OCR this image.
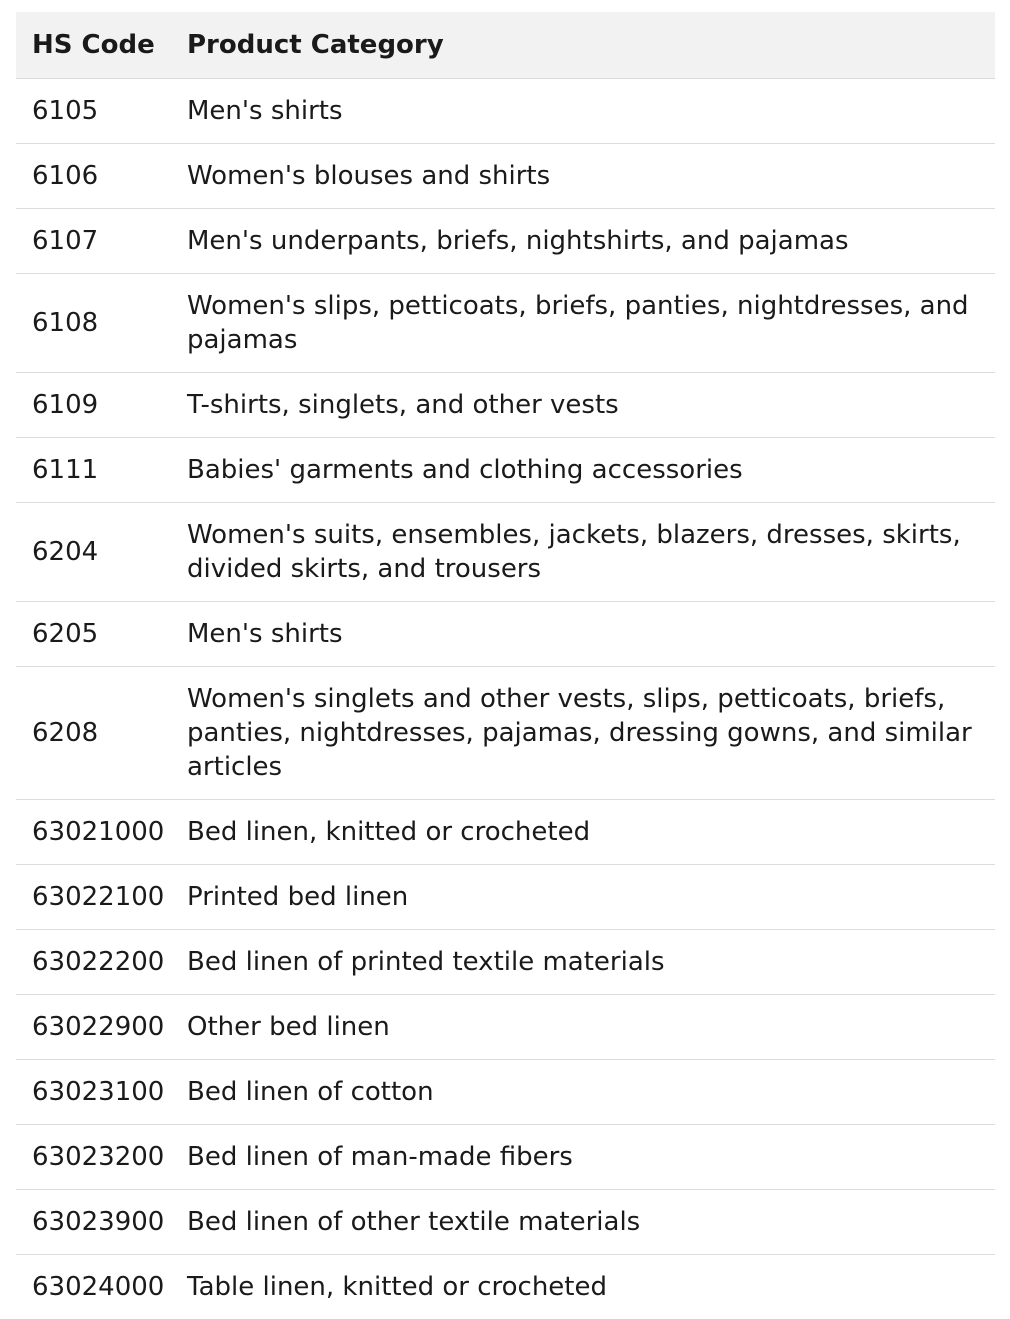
HS Code	Product Category
6105	Men's shirts
6106	Women's blouses and shirts
6107	Men's underpants, briefs, nightshirts, and pajamas
6108	Women's slips, petticoats, briefs, panties, nightdresses, and pajamas
6109	T-shirts, singlets, and other vests
6111	Babies' garments and clothing accessories
6204	Women's suits, ensembles, jackets, blazers, dresses, skirts, divided skirts, and trousers
6205	Men's shirts
6208	Women's singlets and other vests, slips, petticoats, briefs, panties, nightdresses, pajamas, dressing gowns, and similar articles
63021000	Bed linen, knitted or crocheted
63022100	Printed bed linen
63022200	Bed linen of printed textile materials
63022900	Other bed linen
63023100	Bed linen of cotton
63023200	Bed linen of man-made fibers
63023900	Bed linen of other textile materials
63024000	Table linen, knitted or crocheted
